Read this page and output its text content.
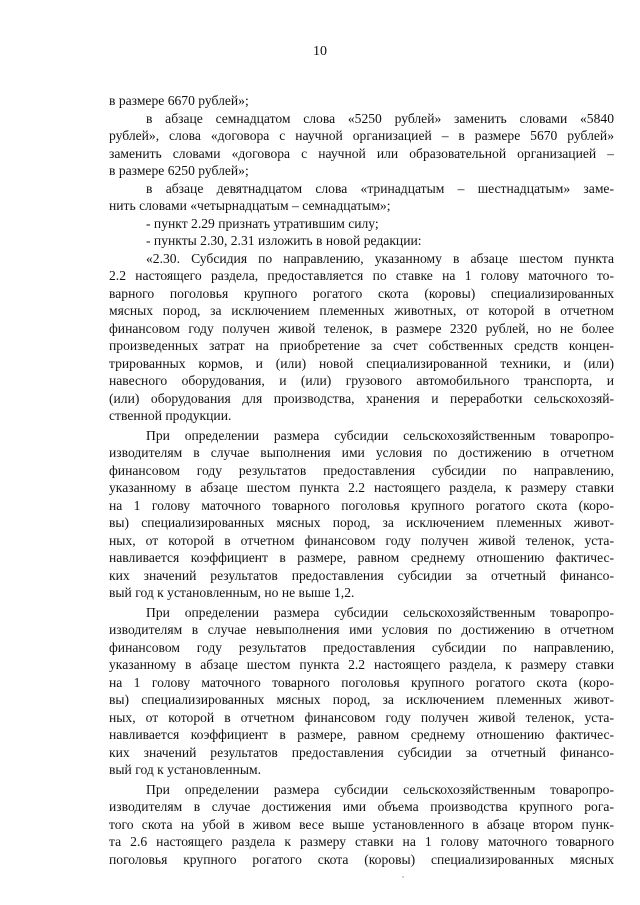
10
в размере 6670 рублей»;
в абзаце семнадцатом слова «5250 рублей» заменить словами «5840
рублей», слова «договора с научной организацией – в размере 5670 рублей»
заменить словами «договора с научной или образовательной организацией –
в размере 6250 рублей»;
в абзаце девятнадцатом слова «тринадцатым – шестнадцатым» заме-
нить словами «четырнадцатым – семнадцатым»;
- пункт 2.29 признать утратившим силу;
- пункты 2.30, 2.31 изложить в новой редакции:
«2.30. Субсидия по направлению, указанному в абзаце шестом пункта
2.2 настоящего раздела, предоставляется по ставке на 1 голову маточного то-
варного поголовья крупного рогатого скота (коровы) специализированных
мясных пород, за исключением племенных животных, от которой в отчетном
финансовом году получен живой теленок, в размере 2320 рублей, но не более
произведенных затрат на приобретение за счет собственных средств концен-
трированных кормов, и (или) новой специализированной техники, и (или)
навесного оборудования, и (или) грузового автомобильного транспорта, и
(или) оборудования для производства, хранения и переработки сельскохозяй-
ственной продукции.
При определении размера субсидии сельскохозяйственным товаропро-
изводителям в случае выполнения ими условия по достижению в отчетном
финансовом году результатов предоставления субсидии по направлению,
указанному в абзаце шестом пункта 2.2 настоящего раздела, к размеру ставки
на 1 голову маточного товарного поголовья крупного рогатого скота (коро-
вы) специализированных мясных пород, за исключением племенных живот-
ных, от которой в отчетном финансовом году получен живой теленок, уста-
навливается коэффициент в размере, равном среднему отношению фактичес-
ких значений результатов предоставления субсидии за отчетный финансо-
вый год к установленным, но не выше 1,2.
При определении размера субсидии сельскохозяйственным товаропро-
изводителям в случае невыполнения ими условия по достижению в отчетном
финансовом году результатов предоставления субсидии по направлению,
указанному в абзаце шестом пункта 2.2 настоящего раздела, к размеру ставки
на 1 голову маточного товарного поголовья крупного рогатого скота (коро-
вы) специализированных мясных пород, за исключением племенных живот-
ных, от которой в отчетном финансовом году получен живой теленок, уста-
навливается коэффициент в размере, равном среднему отношению фактичес-
ких значений результатов предоставления субсидии за отчетный финансо-
вый год к установленным.
При определении размера субсидии сельскохозяйственным товаропро-
изводителям в случае достижения ими объема производства крупного рога-
того скота на убой в живом весе выше установленного в абзаце втором пунк-
та 2.6 настоящего раздела к размеру ставки на 1 голову маточного товарного
поголовья крупного рогатого скота (коровы) специализированных мясных
